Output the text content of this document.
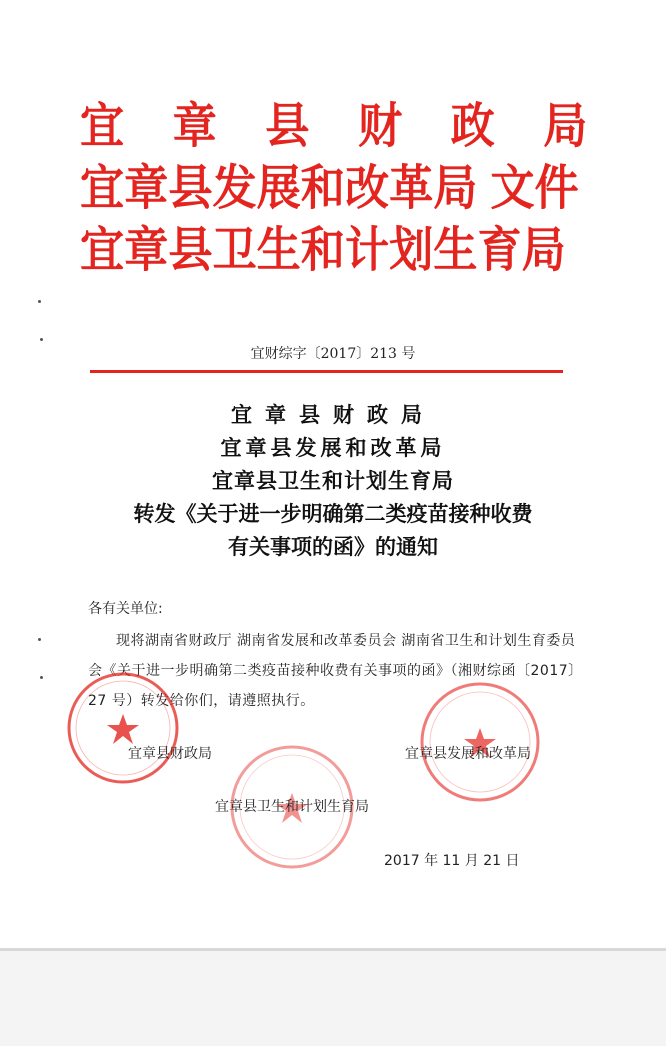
宜 章 县 财 政 局
宜章县发展和改革局 文件
宜章县卫生和计划生育局
宜财综字〔2017〕213 号
宜章县财政局
宜章县发展和改革局
宜章县卫生和计划生育局
转发《关于进一步明确第二类疫苗接种收费
有关事项的函》的通知
各有关单位:
现将湖南省财政厅 湖南省发展和改革委员会 湖南省卫生和计划生育委员会《关于进一步明确第二类疫苗接种收费有关事项的函》（湘财综函〔2017〕27 号）转发给你们，请遵照执行。
宜章县财政局	宜章县发展和改革局
宜章县卫生和计划生育局
2017 年 11 月 21 日
